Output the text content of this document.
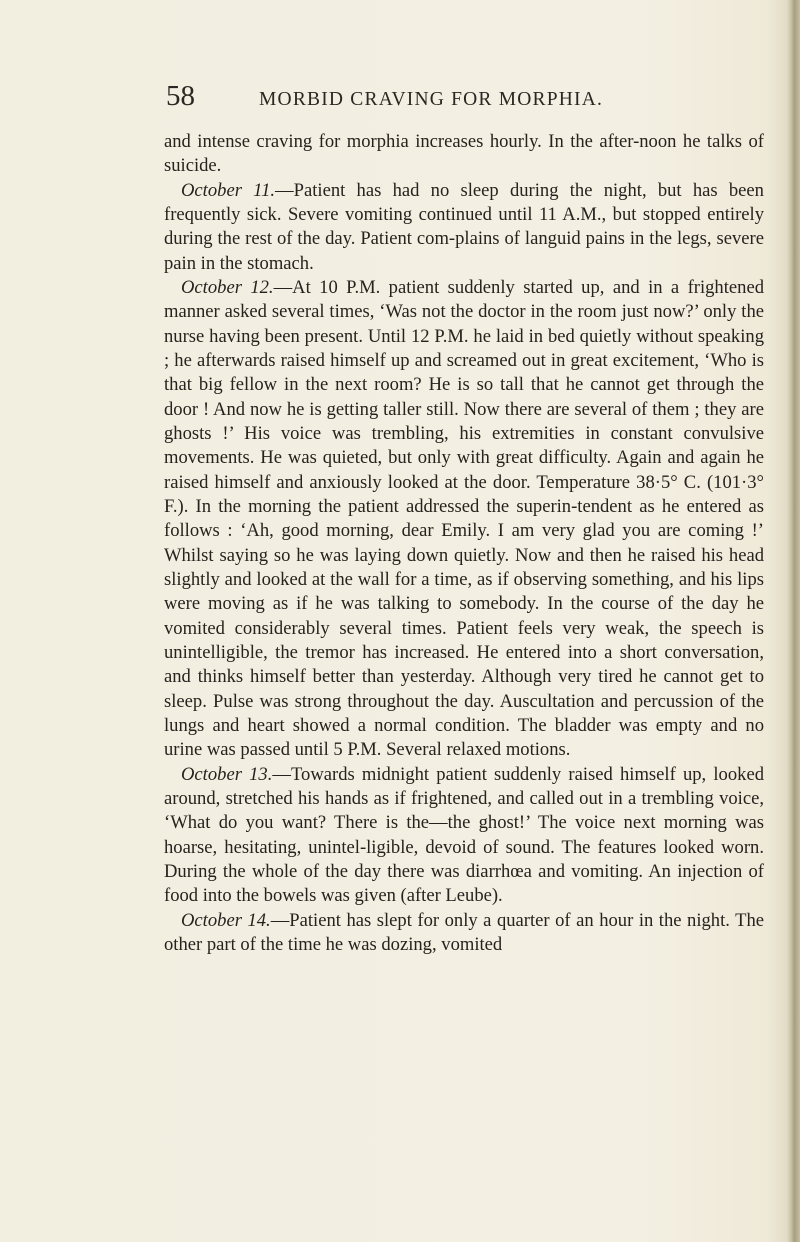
58	MORBID CRAVING FOR MORPHIA.

and intense craving for morphia increases hourly. In the after-noon he talks of suicide.

October 11.—Patient has had no sleep during the night, but has been frequently sick. Severe vomiting continued until 11 A.M., but stopped entirely during the rest of the day. Patient com-plains of languid pains in the legs, severe pain in the stomach.

October 12.—At 10 P.M. patient suddenly started up, and in a frightened manner asked several times, ‘Was not the doctor in the room just now?’ only the nurse having been present. Until 12 P.M. he laid in bed quietly without speaking ; he afterwards raised himself up and screamed out in great excitement, ‘Who is that big fellow in the next room? He is so tall that he cannot get through the door ! And now he is getting taller still. Now there are several of them ; they are ghosts !’ His voice was trembling, his extremities in constant convulsive movements. He was quieted, but only with great difficulty. Again and again he raised himself and anxiously looked at the door. Temperature 38·5° C. (101·3° F.). In the morning the patient addressed the superin-tendent as he entered as follows : ‘Ah, good morning, dear Emily. I am very glad you are coming !’ Whilst saying so he was laying down quietly. Now and then he raised his head slightly and looked at the wall for a time, as if observing something, and his lips were moving as if he was talking to somebody. In the course of the day he vomited considerably several times. Patient feels very weak, the speech is unintelligible, the tremor has increased. He entered into a short conversation, and thinks himself better than yesterday. Although very tired he cannot get to sleep. Pulse was strong throughout the day. Auscultation and percussion of the lungs and heart showed a normal condition. The bladder was empty and no urine was passed until 5 P.M. Several relaxed motions.

October 13.—Towards midnight patient suddenly raised himself up, looked around, stretched his hands as if frightened, and called out in a trembling voice, ‘What do you want? There is the—the ghost!’ The voice next morning was hoarse, hesitating, unintel-ligible, devoid of sound. The features looked worn. During the whole of the day there was diarrhœa and vomiting. An injection of food into the bowels was given (after Leube).

October 14.—Patient has slept for only a quarter of an hour in the night. The other part of the time he was dozing, vomited
